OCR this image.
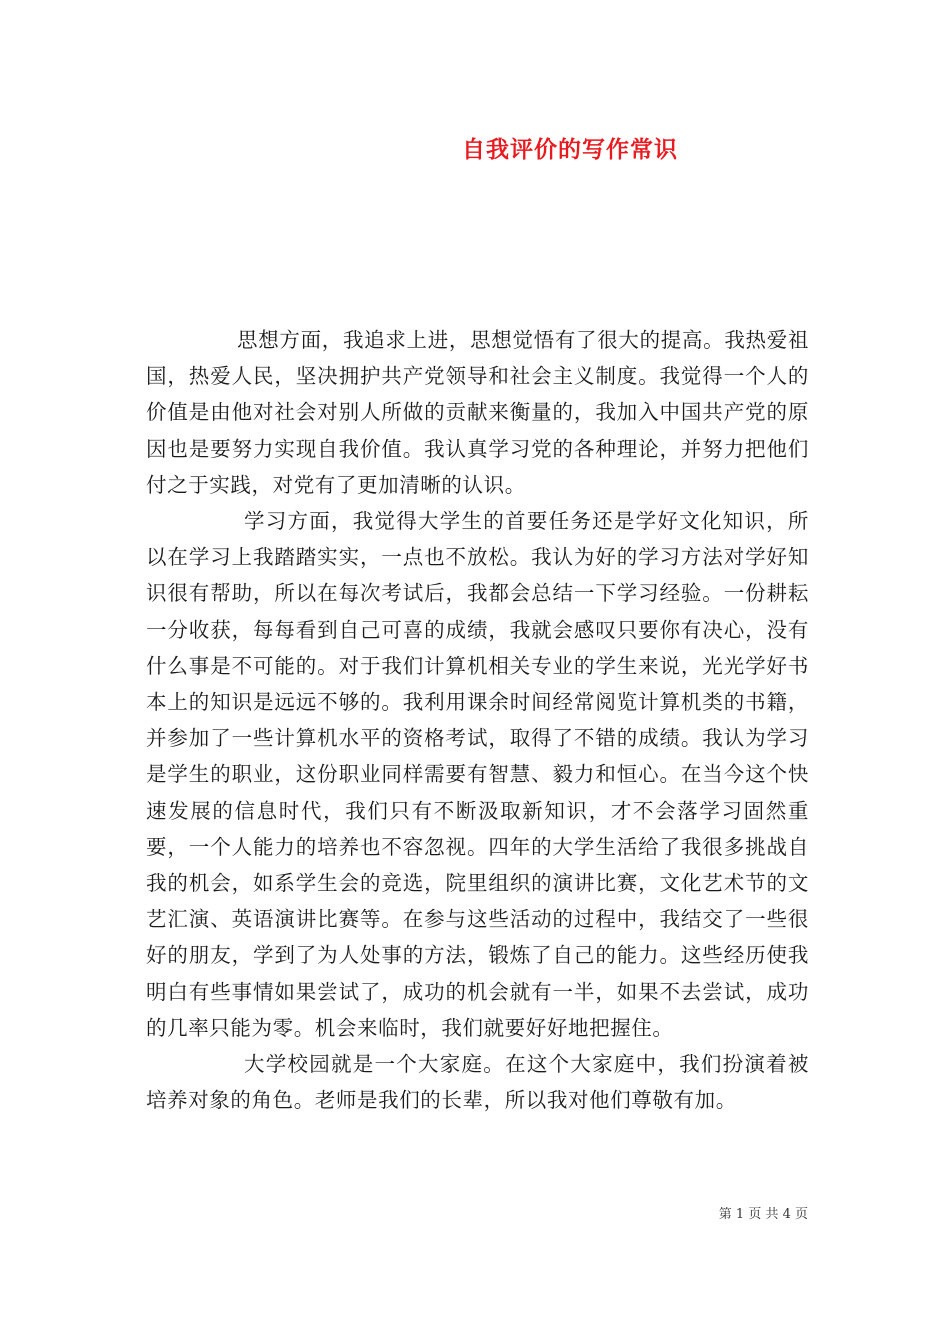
自我评价的写作常识

思想方面，我追求上进，思想觉悟有了很大的提高。我热爱祖国，热爱人民，坚决拥护共产党领导和社会主义制度。我觉得一个人的价值是由他对社会对别人所做的贡献来衡量的，我加入中国共产党的原因也是要努力实现自我价值。我认真学习党的各种理论，并努力把他们付之于实践，对党有了更加清晰的认识。

学习方面，我觉得大学生的首要任务还是学好文化知识，所以在学习上我踏踏实实，一点也不放松。我认为好的学习方法对学好知识很有帮助，所以在每次考试后，我都会总结一下学习经验。一份耕耘一分收获，每每看到自己可喜的成绩，我就会感叹只要你有决心，没有什么事是不可能的。对于我们计算机相关专业的学生来说，光光学好书本上的知识是远远不够的。我利用课余时间经常阅览计算机类的书籍，并参加了一些计算机水平的资格考试，取得了不错的成绩。我认为学习是学生的职业，这份职业同样需要有智慧、毅力和恒心。在当今这个快速发展的信息时代，我们只有不断汲取新知识，才不会落学习固然重要，一个人能力的培养也不容忽视。四年的大学生活给了我很多挑战自我的机会，如系学生会的竞选，院里组织的演讲比赛，文化艺术节的文艺汇演、英语演讲比赛等。在参与这些活动的过程中，我结交了一些很好的朋友，学到了为人处事的方法，锻炼了自己的能力。这些经历使我明白有些事情如果尝试了，成功的机会就有一半，如果不去尝试，成功的几率只能为零。机会来临时，我们就要好好地把握住。

大学校园就是一个大家庭。在这个大家庭中，我们扮演着被培养对象的角色。老师是我们的长辈，所以我对他们尊敬有加。

第 1 页 共 4 页
